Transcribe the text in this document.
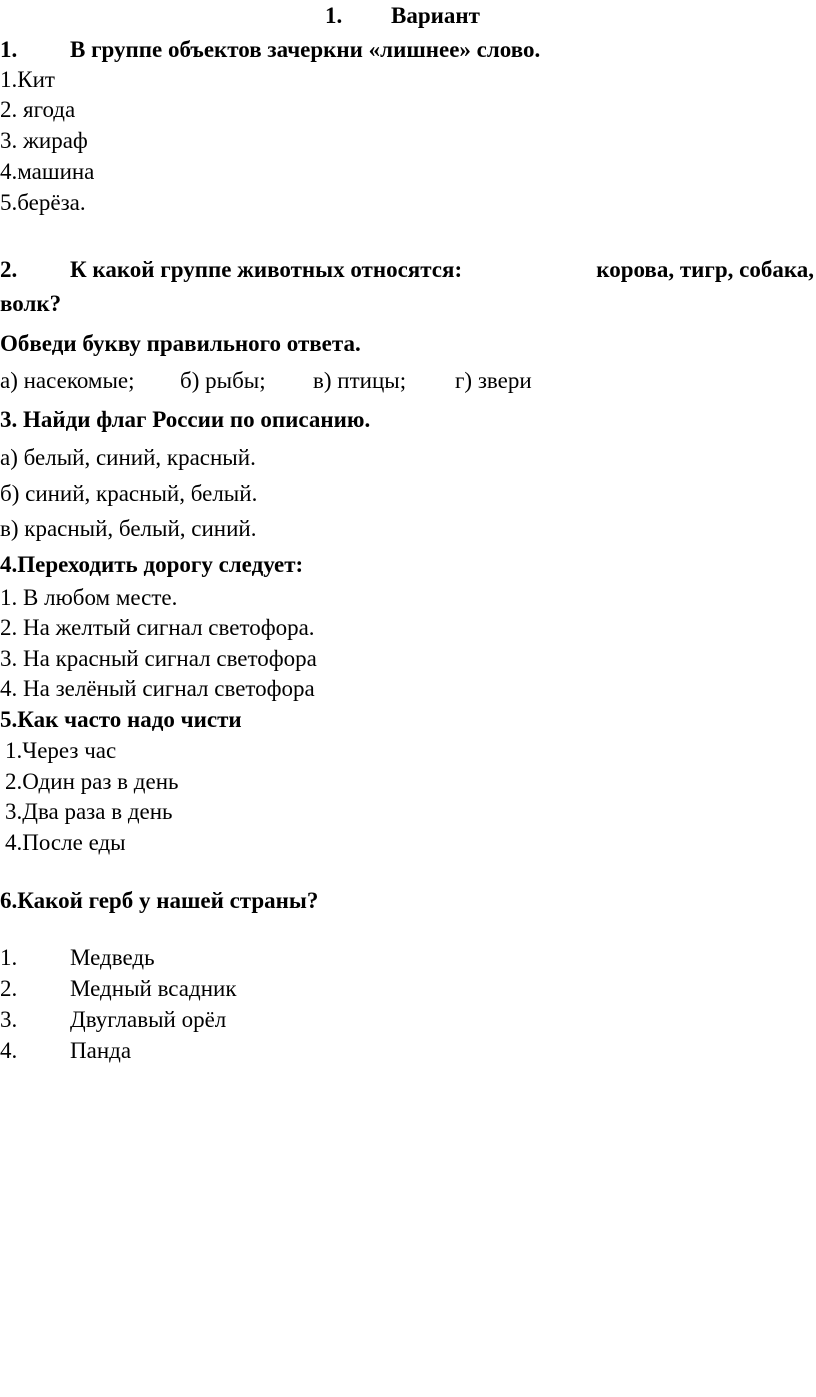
1. Вариант
1. В группе объектов зачеркни «лишнее» слово.
1.Кит
2. ягода
3. жираф
4.машина
5.берёза.
2. К какой группе животных относятся:	корова, тигр, собака,
волк?
Обведи букву правильного ответа.
а) насекомые; б) рыбы; в) птицы; г) звери
3. Найди флаг России по описанию.
а) белый, синий, красный.
б) синий, красный, белый.
в) красный, белый, синий.
4.Переходить дорогу следует:
1. В любом месте.
2. На желтый сигнал светофора.
3. На красный сигнал светофора
4. На зелёный сигнал светофора
5.Как часто надо чисти
1.Через час
2.Один раз в день
3.Два раза в день
4.После еды
6.Какой герб у нашей страны?
1. Медведь
2. Медный всадник
3. Двуглавый орёл
4. Панда
